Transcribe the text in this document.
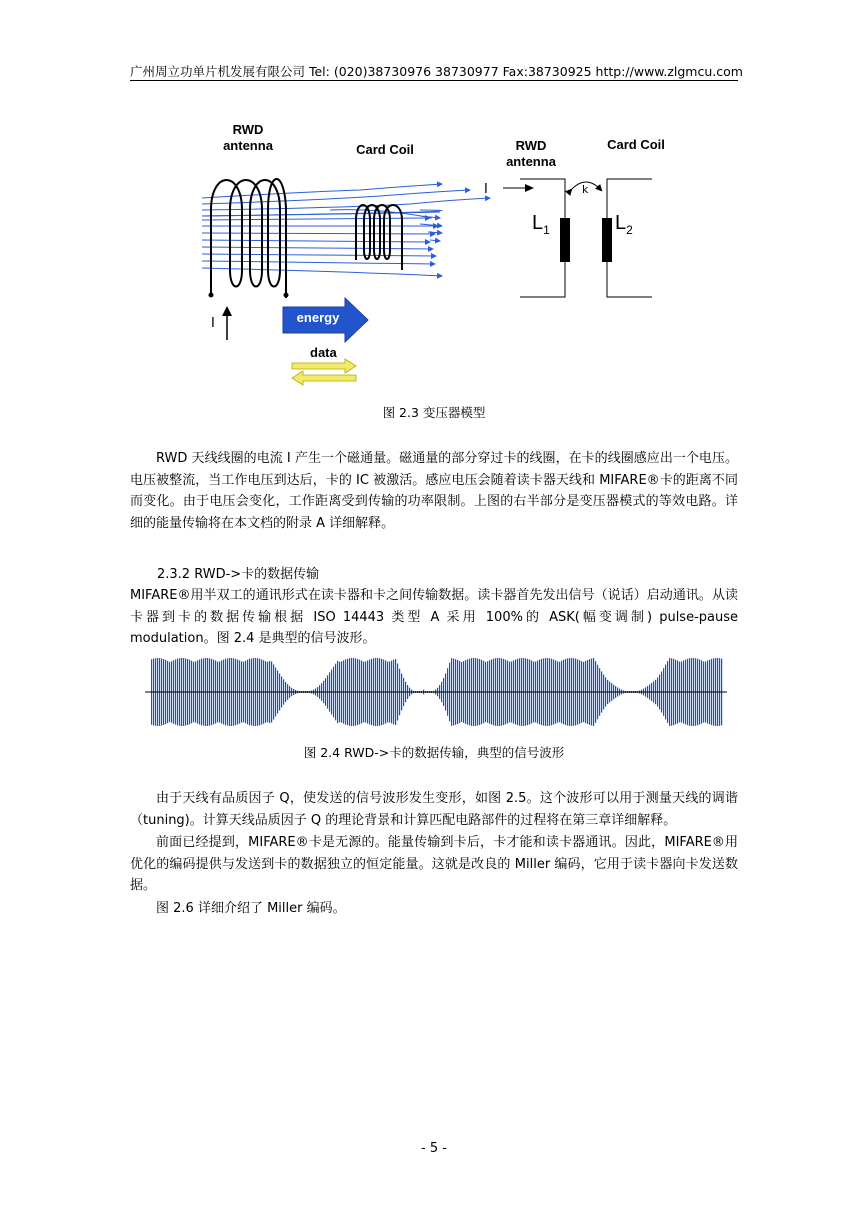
广州周立功单片机发展有限公司 Tel: (020)38730976 38730977 Fax:38730925 http://www.zlgmcu.com
RWD
antenna	Card Coil	RWD
antenna
Card Coil
I	energy
data
I	k
$L_1$	$L_2$
图 2.3 变压器模型
RWD 天线线圈的电流 I 产生一个磁通量。磁通量的部分穿过卡的线圈，在卡的线圈感应出一个电压。电压被整流，当工作电压到达后，卡的 IC 被激活。感应电压会随着读卡器天线和 MIFARE®卡的距离不同而变化。由于电压会变化，工作距离受到传输的功率限制。上图的右半部分是变压器模式的等效电路。详细的能量传输将在本文档的附录 A 详细解释。
2.3.2 RWD->卡的数据传输
MIFARE®用半双工的通讯形式在读卡器和卡之间传输数据。读卡器首先发出信号（说话）启动通讯。从读卡器到卡的数据传输根据 ISO 14443 类型 A 采用 100%的 ASK(幅变调制) pulse-pause modulation。图 2.4 是典型的信号波形。
图 2.4 RWD->卡的数据传输，典型的信号波形
由于天线有品质因子 Q，使发送的信号波形发生变形，如图 2.5。这个波形可以用于测量天线的调谐（tuning)。计算天线品质因子 Q 的理论背景和计算匹配电路部件的过程将在第三章详细解释。
前面已经提到，MIFARE®卡是无源的。能量传输到卡后，卡才能和读卡器通讯。因此，MIFARE®用优化的编码提供与发送到卡的数据独立的恒定能量。这就是改良的 Miller 编码，它用于读卡器向卡发送数据。
图 2.6 详细介绍了 Miller 编码。
- 5 -
